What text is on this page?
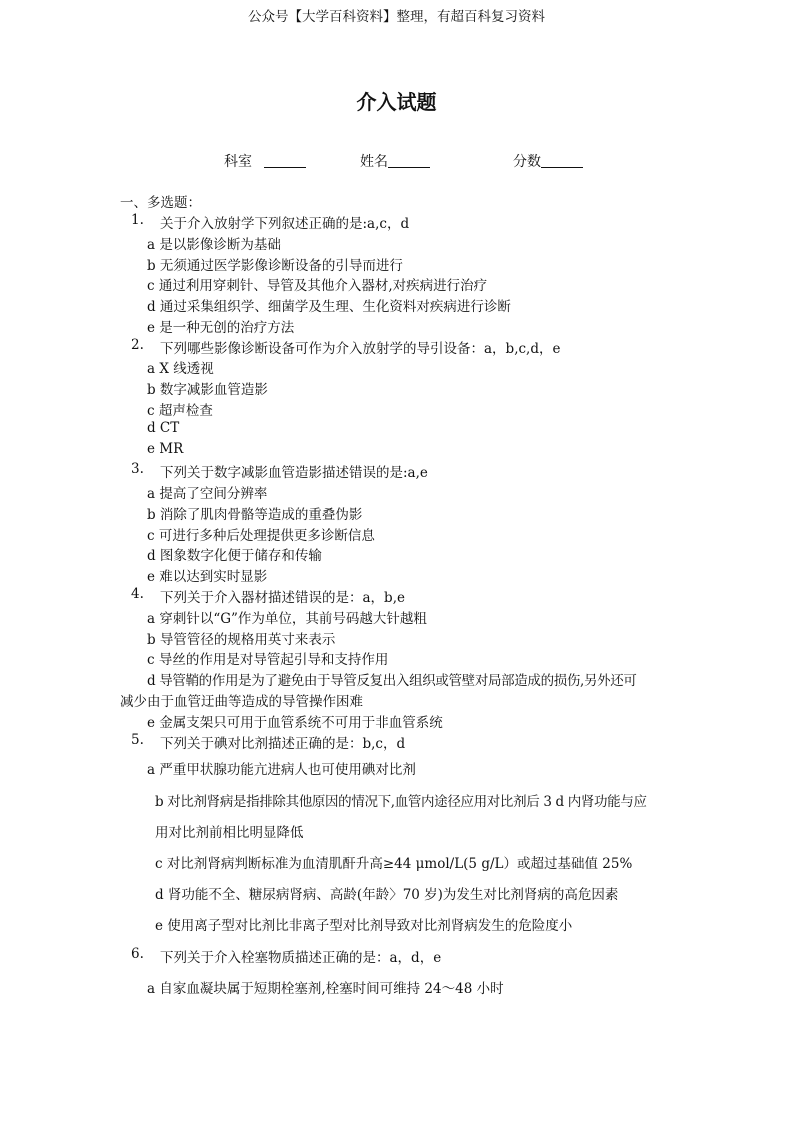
公众号【大学百科资料】整理，有超百科复习资料
介入试题
科室	姓名	分数
一、多选题：
1. 关于介入放射学下列叙述正确的是:a,c，d
a 是以影像诊断为基础
b 无须通过医学影像诊断设备的引导而进行
c 通过利用穿刺针、导管及其他介入器材,对疾病进行治疗
d 通过采集组织学、细菌学及生理、生化资料对疾病进行诊断
e 是一种无创的治疗方法
2. 下列哪些影像诊断设备可作为介入放射学的导引设备：a，b,c,d，e
a X 线透视
b 数字减影血管造影
c 超声检查
d CT
e MR
3. 下列关于数字减影血管造影描述错误的是:a,e
a 提高了空间分辨率
b 消除了肌肉骨骼等造成的重叠伪影
c 可进行多种后处理提供更多诊断信息
d 图象数字化便于储存和传输
e 难以达到实时显影
4. 下列关于介入器材描述错误的是：a，b,e
a 穿刺针以“G”作为单位，其前号码越大针越粗
b 导管管径的规格用英寸来表示
c 导丝的作用是对导管起引导和支持作用
d 导管鞘的作用是为了避免由于导管反复出入组织或管壁对局部造成的损伤,另外还可
减少由于血管迂曲等造成的导管操作困难
e 金属支架只可用于血管系统不可用于非血管系统
5. 下列关于碘对比剂描述正确的是：b,c，d
a 严重甲状腺功能亢进病人也可使用碘对比剂
b 对比剂肾病是指排除其他原因的情况下,血管内途径应用对比剂后 3 d 内肾功能与应
用对比剂前相比明显降低
c 对比剂肾病判断标准为血清肌酐升高≥44 μmol/L(5 g/L）或超过基础值 25%
d 肾功能不全、糖尿病肾病、高龄(年龄〉70 岁)为发生对比剂肾病的高危因素
e 使用离子型对比剂比非离子型对比剂导致对比剂肾病发生的危险度小
6. 下列关于介入栓塞物质描述正确的是：a，d，e
a 自家血凝块属于短期栓塞剂,栓塞时间可维持 24～48 小时
